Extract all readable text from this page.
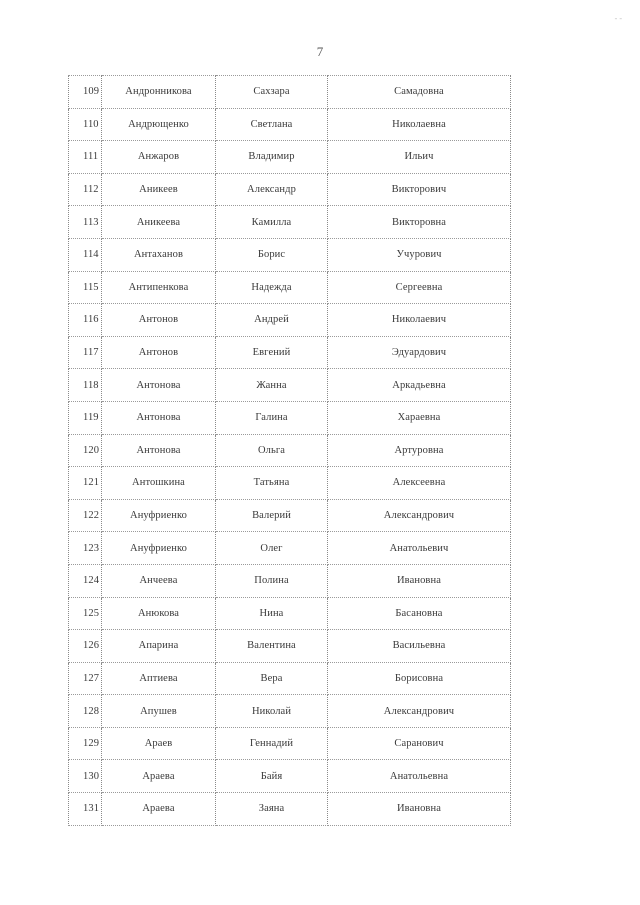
- -
7
109	Андронникова	Сахзара	Самадовна
110	Андрющенко	Светлана	Николаевна
111	Анжаров	Владимир	Ильич
112	Аникеев	Александр	Викторович
113	Аникеева	Камилла	Викторовна
114	Антаханов	Борис	Учурович
115	Антипенкова	Надежда	Сергеевна
116	Антонов	Андрей	Николаевич
117	Антонов	Евгений	Эдуардович
118	Антонова	Жанна	Аркадьевна
119	Антонова	Галина	Хараевна
120	Антонова	Ольга	Артуровна
121	Антошкина	Татьяна	Алексеевна
122	Ануфриенко	Валерий	Александрович
123	Ануфриенко	Олег	Анатольевич
124	Анчеева	Полина	Ивановна
125	Анюкова	Нина	Басановна
126	Апарина	Валентина	Васильевна
127	Аптиева	Вера	Борисовна
128	Апушев	Николай	Александрович
129	Араев	Геннадий	Саранович
130	Араева	Байя	Анатольевна
131	Араева	Заяна	Ивановна
